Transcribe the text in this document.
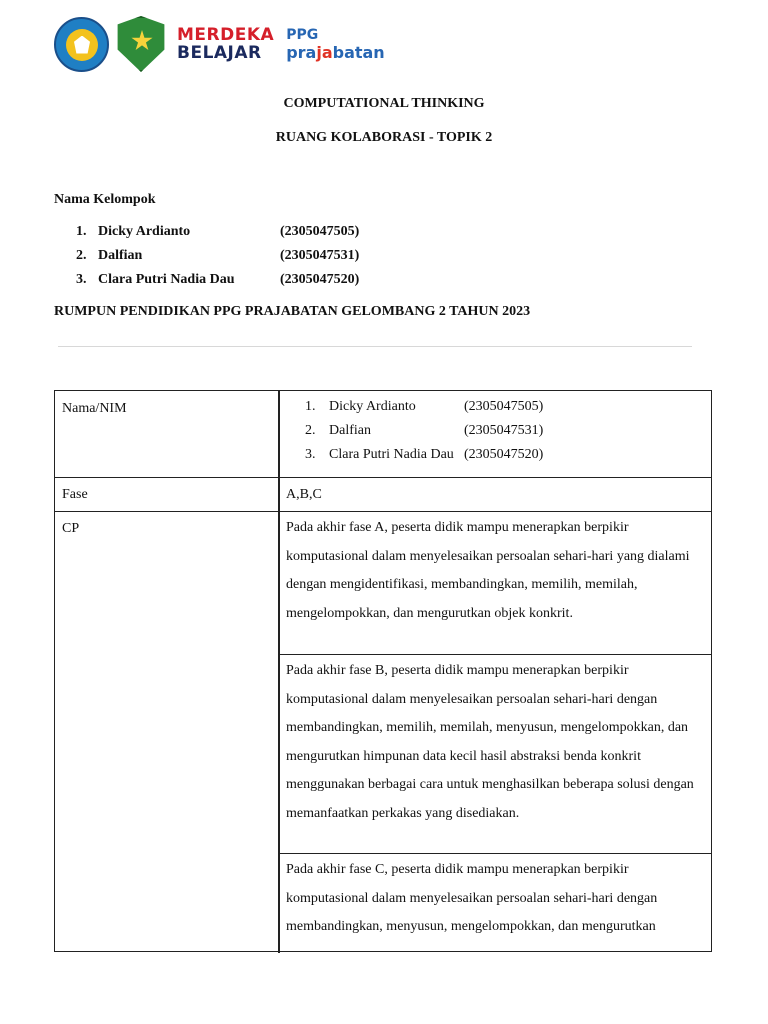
MERDEKA
BELAJAR
PPG
prajabatan
COMPUTATIONAL THINKING
RUANG KOLABORASI - TOPIK 2
Nama Kelompok
1. Dicky Ardianto	(2305047505)
2. Dalfian	(2305047531)
3. Clara Putri Nadia Dau	(2305047520)
RUMPUN PENDIDIKAN PPG PRAJABATAN GELOMBANG 2 TAHUN 2023
Nama/NIM	1. Dicky Ardianto	(2305047505)
2. Dalfian	(2305047531)
3. Clara Putri Nadia Dau (2305047520)
Fase	A,B,C
CP	Pada akhir fase A, peserta didik mampu menerapkan berpikir komputasional dalam menyelesaikan persoalan sehari-hari yang dialami dengan mengidentifikasi, membandingkan, memilih, memilah, mengelompokkan, dan mengurutkan objek konkrit.
Pada akhir fase B, peserta didik mampu menerapkan berpikir komputasional dalam menyelesaikan persoalan sehari-hari dengan membandingkan, memilih, memilah, menyusun, mengelompokkan, dan mengurutkan himpunan data kecil hasil abstraksi benda konkrit menggunakan berbagai cara untuk menghasilkan beberapa solusi dengan memanfaatkan perkakas yang disediakan.
Pada akhir fase C, peserta didik mampu menerapkan berpikir komputasional dalam menyelesaikan persoalan sehari-hari dengan membandingkan, menyusun, mengelompokkan, dan mengurutkan
